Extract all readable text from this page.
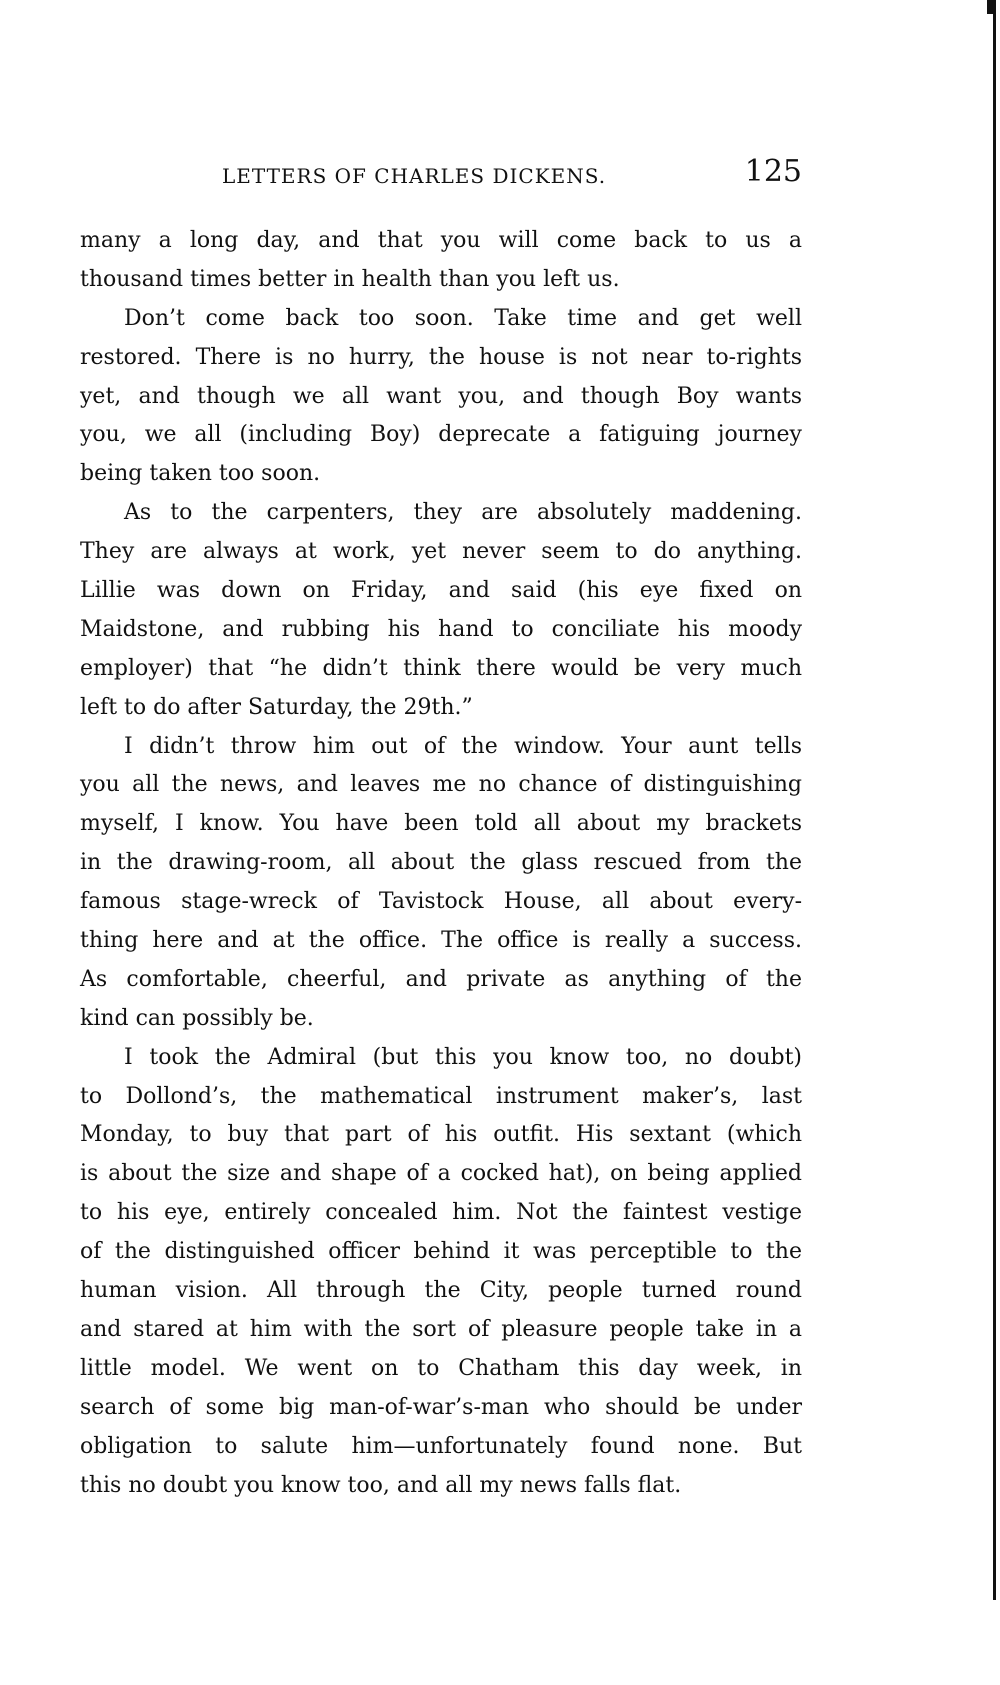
LETTERS OF CHARLES DICKENS.	125
many a long day, and that you will come back to us a
thousand times better in health than you left us.
Don’t come back too soon. Take time and get well
restored. There is no hurry, the house is not near to-rights
yet, and though we all want you, and though Boy wants
you, we all (including Boy) deprecate a fatiguing journey
being taken too soon.
As to the carpenters, they are absolutely maddening.
They are always at work, yet never seem to do anything.
Lillie was down on Friday, and said (his eye fixed on
Maidstone, and rubbing his hand to conciliate his moody
employer) that “he didn’t think there would be very much
left to do after Saturday, the 29th.”
I didn’t throw him out of the window. Your aunt tells
you all the news, and leaves me no chance of distinguishing
myself, I know. You have been told all about my brackets
in the drawing-room, all about the glass rescued from the
famous stage-wreck of Tavistock House, all about every-
thing here and at the office. The office is really a success.
As comfortable, cheerful, and private as anything of the
kind can possibly be.
I took the Admiral (but this you know too, no doubt)
to Dollond’s, the mathematical instrument maker’s, last
Monday, to buy that part of his outfit. His sextant (which
is about the size and shape of a cocked hat), on being applied
to his eye, entirely concealed him. Not the faintest vestige
of the distinguished officer behind it was perceptible to the
human vision. All through the City, people turned round
and stared at him with the sort of pleasure people take in a
little model. We went on to Chatham this day week, in
search of some big man-of-war’s-man who should be under
obligation to salute him—unfortunately found none. But
this no doubt you know too, and all my news falls flat.
